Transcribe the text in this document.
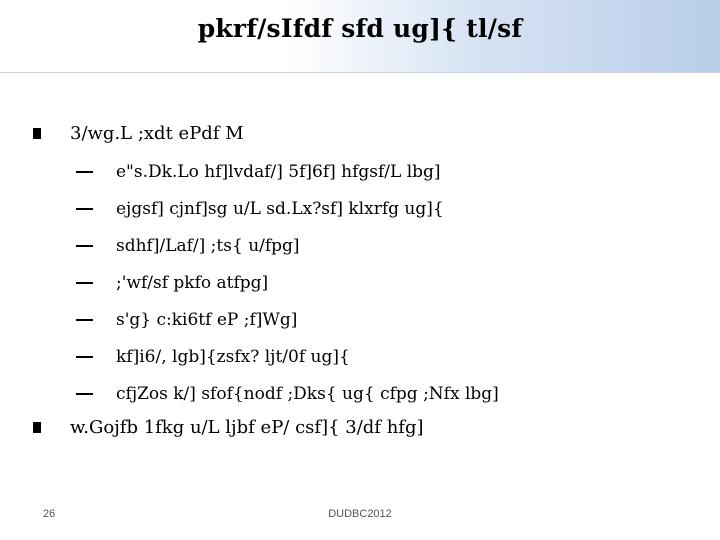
pkrf/sIfdf sfd ug]{ tl/sf
3/wg.L ;xdt ePdf M
e"s.Dk.Lo hf]lvdaf/] 5f]6f] hfgsf/L lbg]
ejgsf] cjnf]sg u/L sd.Lx?sf] klxrfg ug]{
sdhf]/Laf/] ;ts{ u/fpg]
;'wf/sf pkfo atfpg]
s'g} c:ki6tf eP ;f]Wg]
kf]i6/, lgb]{zsfx? ljt/0f ug]{
cfjZos k/] sfof{nodf ;Dks{ ug{ cfpg ;Nfx lbg]
w.Gojfb 1fkg u/L ljbf eP/ csf]{ 3/df hfg]
26	DUDBC2012
